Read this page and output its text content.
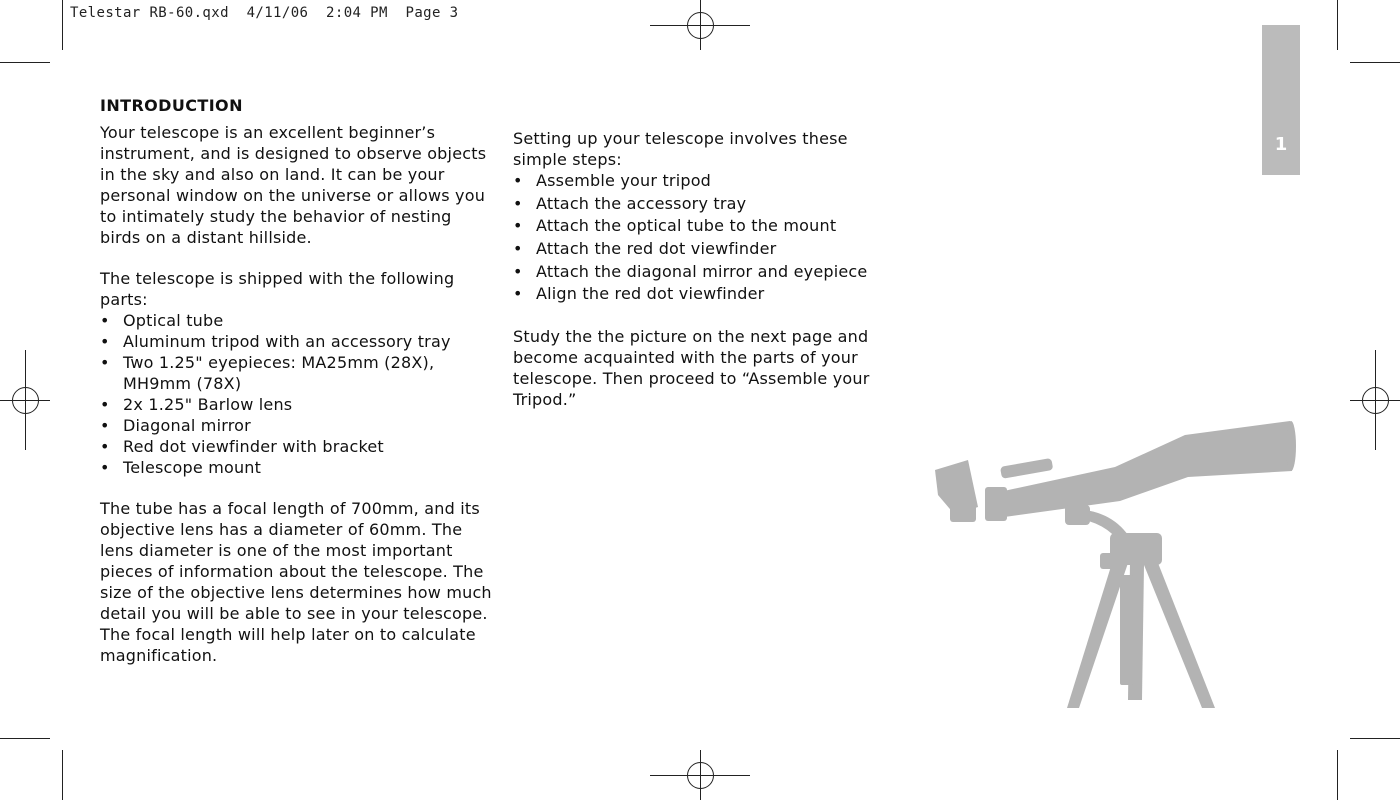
Telestar RB-60.qxd  4/11/06  2:04 PM  Page 3
1
INTRODUCTION

Your telescope is an excellent beginner’s instrument, and is designed to observe objects in the sky and also on land. It can be your personal window on the universe or allows you to intimately study the behavior of nesting birds on a distant hillside.

The telescope is shipped with the following parts:

• Optical tube
• Aluminum tripod with an accessory tray
• Two 1.25" eyepieces: MA25mm (28X), MH9mm (78X)
• 2x 1.25" Barlow lens
• Diagonal mirror
• Red dot viewfinder with bracket
• Telescope mount

The tube has a focal length of 700mm, and its objective lens has a diameter of 60mm. The lens diameter is one of the most important pieces of information about the telescope. The size of the objective lens determines how much detail you will be able to see in your telescope. The focal length will help later on to calculate magnification.

Setting up your telescope involves these simple steps:

• Assemble your tripod
• Attach the accessory tray
• Attach the optical tube to the mount
• Attach the red dot viewfinder
• Attach the diagonal mirror and eyepiece
• Align the red dot viewfinder

Study the the picture on the next page and become acquainted with the parts of your telescope. Then proceed to “Assemble your Tripod.”
